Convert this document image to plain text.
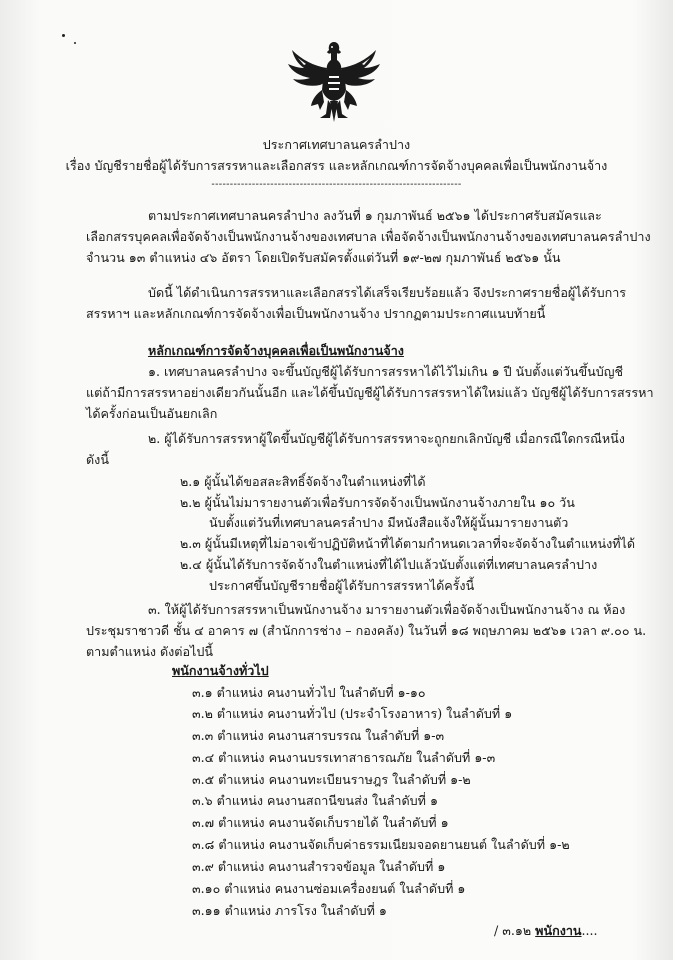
ประกาศเทศบาลนครลำปาง
เรื่อง บัญชีรายชื่อผู้ได้รับการสรรหาและเลือกสรร และหลักเกณฑ์การจัดจ้างบุคคลเพื่อเป็นพนักงานจ้าง
--------------------------------------------------------------------
ตามประกาศเทศบาลนครลำปาง ลงวันที่ ๑ กุมภาพันธ์ ๒๕๖๑ ได้ประกาศรับสมัครและ
เลือกสรรบุคคลเพื่อจัดจ้างเป็นพนักงานจ้างของเทศบาล เพื่อจัดจ้างเป็นพนักงานจ้างของเทศบาลนครลำปาง
จำนวน ๑๓ ตำแหน่ง ๔๖ อัตรา โดยเปิดรับสมัครตั้งแต่วันที่ ๑๙-๒๗ กุมภาพันธ์ ๒๕๖๑ นั้น
บัดนี้ ได้ดำเนินการสรรหาและเลือกสรรได้เสร็จเรียบร้อยแล้ว จึงประกาศรายชื่อผู้ได้รับการ
สรรหาฯ และหลักเกณฑ์การจัดจ้างเพื่อเป็นพนักงานจ้าง ปรากฏตามประกาศแนบท้ายนี้
หลักเกณฑ์การจัดจ้างบุคคลเพื่อเป็นพนักงานจ้าง
๑. เทศบาลนครลำปาง จะขึ้นบัญชีผู้ได้รับการสรรหาได้ไว้ไม่เกิน ๑ ปี นับตั้งแต่วันขึ้นบัญชี
แต่ถ้ามีการสรรหาอย่างเดียวกันนั้นอีก และได้ขึ้นบัญชีผู้ได้รับการสรรหาได้ใหม่แล้ว บัญชีผู้ได้รับการสรรหา
ได้ครั้งก่อนเป็นอันยกเลิก
๒. ผู้ได้รับการสรรหาผู้ใดขึ้นบัญชีผู้ได้รับการสรรหาจะถูกยกเลิกบัญชี เมื่อกรณีใดกรณีหนึ่ง
ดังนี้
๒.๑ ผู้นั้นได้ขอสละสิทธิ์จัดจ้างในตำแหน่งที่ได้
๒.๒ ผู้นั้นไม่มารายงานตัวเพื่อรับการจัดจ้างเป็นพนักงานจ้างภายใน ๑๐ วัน
นับตั้งแต่วันที่เทศบาลนครลำปาง มีหนังสือแจ้งให้ผู้นั้นมารายงานตัว
๒.๓ ผู้นั้นมีเหตุที่ไม่อาจเข้าปฏิบัติหน้าที่ได้ตามกำหนดเวลาที่จะจัดจ้างในตำแหน่งที่ได้
๒.๔ ผู้นั้นได้รับการจัดจ้างในตำแหน่งที่ได้ไปแล้วนับตั้งแต่ที่เทศบาลนครลำปาง
ประกาศขึ้นบัญชีรายชื่อผู้ได้รับการสรรหาได้ครั้งนี้
๓. ให้ผู้ได้รับการสรรหาเป็นพนักงานจ้าง มารายงานตัวเพื่อจัดจ้างเป็นพนักงานจ้าง ณ ห้อง
ประชุมราชาวดี ชั้น ๔ อาคาร ๗ (สำนักการช่าง – กองคลัง) ในวันที่ ๑๘ พฤษภาคม ๒๕๖๑ เวลา ๙.๐๐ น.
ตามตำแหน่ง ดังต่อไปนี้
พนักงานจ้างทั่วไป
๓.๑ ตำแหน่ง คนงานทั่วไป ในลำดับที่ ๑-๑๐
๓.๒ ตำแหน่ง คนงานทั่วไป (ประจำโรงอาหาร) ในลำดับที่ ๑
๓.๓ ตำแหน่ง คนงานสารบรรณ ในลำดับที่ ๑-๓
๓.๔ ตำแหน่ง คนงานบรรเทาสาธารณภัย ในลำดับที่ ๑-๓
๓.๕ ตำแหน่ง คนงานทะเบียนราษฎร ในลำดับที่ ๑-๒
๓.๖ ตำแหน่ง คนงานสถานีขนส่ง ในลำดับที่ ๑
๓.๗ ตำแหน่ง คนงานจัดเก็บรายได้ ในลำดับที่ ๑
๓.๘ ตำแหน่ง คนงานจัดเก็บค่าธรรมเนียมจอดยานยนต์ ในลำดับที่ ๑-๒
๓.๙ ตำแหน่ง คนงานสำรวจข้อมูล ในลำดับที่ ๑
๓.๑๐ ตำแหน่ง คนงานซ่อมเครื่องยนต์ ในลำดับที่ ๑
๓.๑๑ ตำแหน่ง ภารโรง ในลำดับที่ ๑
/ ๓.๑๒ พนักงาน....
